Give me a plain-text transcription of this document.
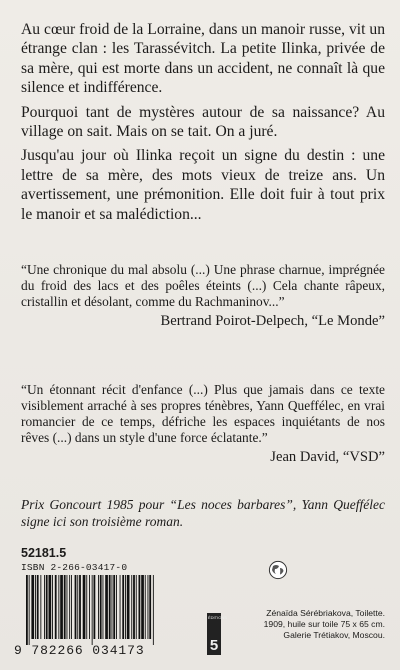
Au cœur froid de la Lorraine, dans un manoir russe, vit un étrange clan : les Tarassévitch. La petite Ilinka, privée de sa mère, qui est morte dans un accident, ne connaît là que silence et indifférence.

Pourquoi tant de mystères autour de sa naissance? Au village on sait. Mais on se tait. On a juré.

Jusqu'au jour où Ilinka reçoit un signe du destin : une lettre de sa mère, des mots vieux de treize ans. Un avertissement, une prémonition. Elle doit fuir à tout prix le manoir et sa malédiction...

“Une chronique du mal absolu (...) Une phrase charnue, imprégnée du froid des lacs et des poêles éteints (...) Cela chante râpeux, cristallin et désolant, comme du Rachmaninov...”

Bertrand Poirot-Delpech, “Le Monde”

“Un étonnant récit d'enfance (...) Plus que jamais dans ce texte visiblement arraché à ses propres ténèbres, Yann Queffélec, en vrai romancier de ce temps, défriche les espaces inquiétants de nos rêves (...) dans un style d'une force éclatante.”

Jean David, “VSD”

Prix Goncourt 1985 pour “Les noces barbares”, Yann Queffélec signe ici son troisième roman.

52181.5

ISBN 2-266-03417-0

9 782266 034173
ÉDITIONS
5

Zénaïda Sérébriakova, Toilette.
1909, huile sur toile 75 x 65 cm.
Galerie Trétiakov, Moscou.
